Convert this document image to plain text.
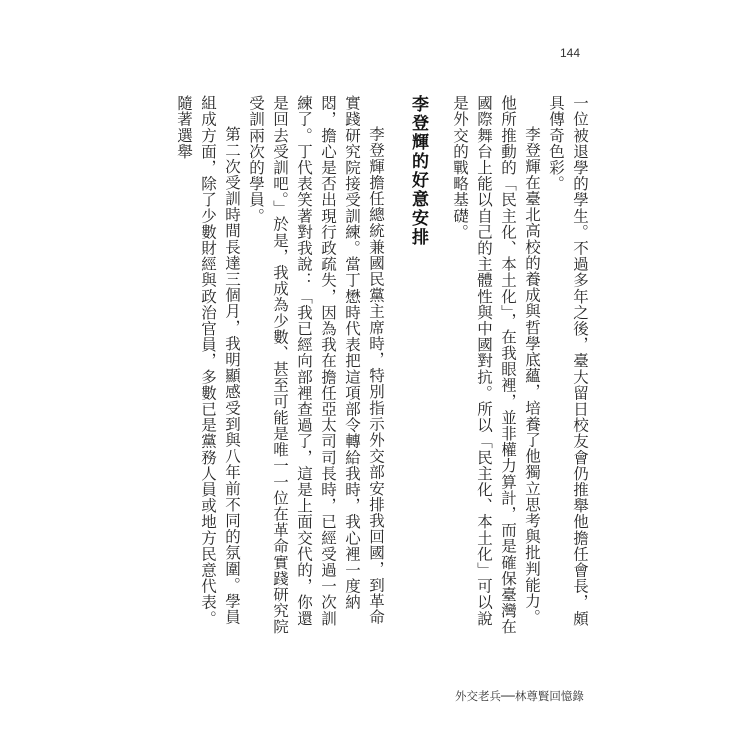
144

一位被退學的學生。不過多年之後，臺大留日校友會仍推舉他擔任會長，頗具傳奇色彩。

李登輝在臺北高校的養成與哲學底蘊，培養了他獨立思考與批判能力。他所推動的「民主化、本土化」，在我眼裡，並非權力算計，而是確保臺灣在國際舞台上能以自己的主體性與中國對抗。所以「民主化、本土化」可以說是外交的戰略基礎。

李登輝的好意安排

李登輝擔任總統兼國民黨主席時，特別指示外交部安排我回國，到革命實踐研究院接受訓練。當丁懋時代表把這項部令轉給我時，我心裡一度納悶，擔心是否出現行政疏失，因為我在擔任亞太司司長時，已經受過一次訓練了。丁代表笑著對我說：「我已經向部裡查過了，這是上面交代的，你還是回去受訓吧。」於是，我成為少數、甚至可能是唯一一位在革命實踐研究院受訓兩次的學員。

第二次受訓時間長達三個月，我明顯感受到與八年前不同的氛圍。學員組成方面，除了少數財經與政治官員，多數已是黨務人員或地方民意代表。隨著選舉

外交老兵──林尊賢回憶錄
